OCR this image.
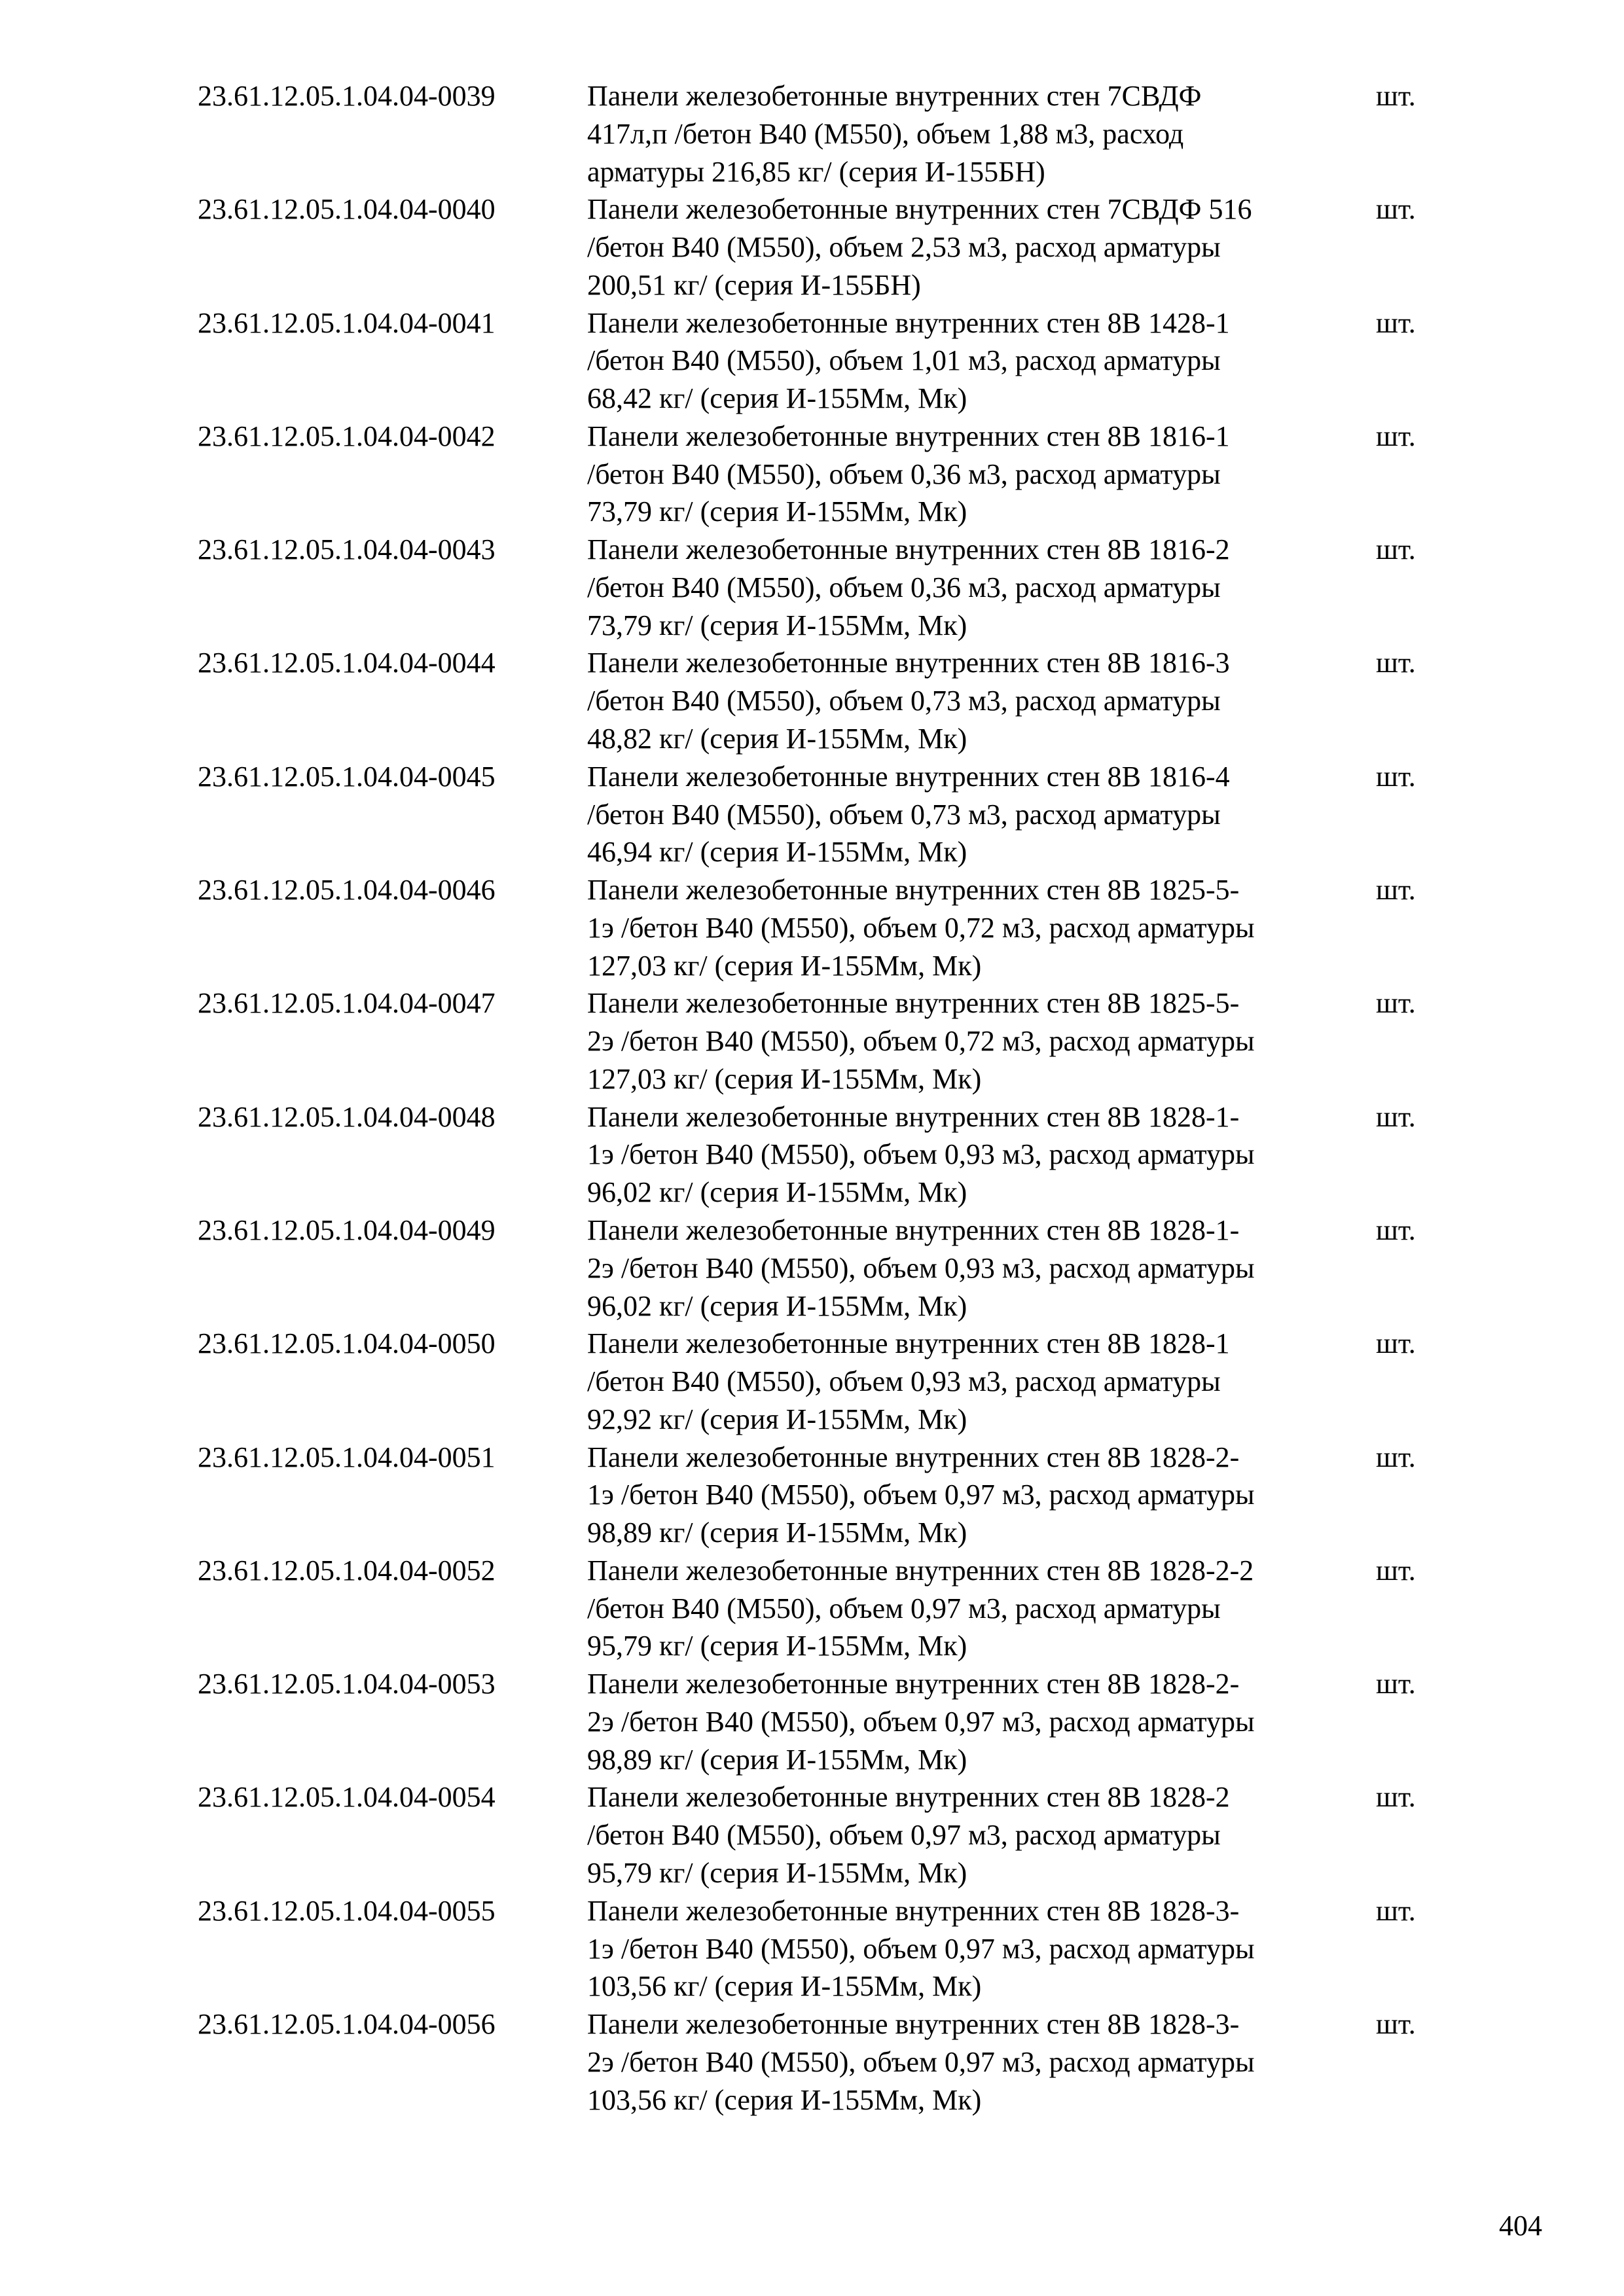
23.61.12.05.1.04.04-0039	Панели железобетонные внутренних стен 7СВДФ
417л,п /бетон В40 (М550), объем 1,88 м3, расход
арматуры 216,85 кг/ (серия И-155БН)
шт.
23.61.12.05.1.04.04-0040	Панели железобетонные внутренних стен 7СВДФ 516
/бетон В40 (М550), объем 2,53 м3, расход арматуры
200,51 кг/ (серия И-155БН)
шт.
23.61.12.05.1.04.04-0041	Панели железобетонные внутренних стен 8В 1428-1
/бетон В40 (М550), объем 1,01 м3, расход арматуры
68,42 кг/ (серия И-155Мм, Мк)
шт.
23.61.12.05.1.04.04-0042	Панели железобетонные внутренних стен 8В 1816-1
/бетон В40 (М550), объем 0,36 м3, расход арматуры
73,79 кг/ (серия И-155Мм, Мк)
шт.
23.61.12.05.1.04.04-0043	Панели железобетонные внутренних стен 8В 1816-2
/бетон В40 (М550), объем 0,36 м3, расход арматуры
73,79 кг/ (серия И-155Мм, Мк)
шт.
23.61.12.05.1.04.04-0044	Панели железобетонные внутренних стен 8В 1816-3
/бетон В40 (М550), объем 0,73 м3, расход арматуры
48,82 кг/ (серия И-155Мм, Мк)
шт.
23.61.12.05.1.04.04-0045	Панели железобетонные внутренних стен 8В 1816-4
/бетон В40 (М550), объем 0,73 м3, расход арматуры
46,94 кг/ (серия И-155Мм, Мк)
шт.
23.61.12.05.1.04.04-0046	Панели железобетонные внутренних стен 8В 1825-5-
1э /бетон В40 (М550), объем 0,72 м3, расход арматуры
127,03 кг/ (серия И-155Мм, Мк)
шт.
23.61.12.05.1.04.04-0047	Панели железобетонные внутренних стен 8В 1825-5-
2э /бетон В40 (М550), объем 0,72 м3, расход арматуры
127,03 кг/ (серия И-155Мм, Мк)
шт.
23.61.12.05.1.04.04-0048	Панели железобетонные внутренних стен 8В 1828-1-
1э /бетон В40 (М550), объем 0,93 м3, расход арматуры
96,02 кг/ (серия И-155Мм, Мк)
шт.
23.61.12.05.1.04.04-0049	Панели железобетонные внутренних стен 8В 1828-1-
2э /бетон В40 (М550), объем 0,93 м3, расход арматуры
96,02 кг/ (серия И-155Мм, Мк)
шт.
23.61.12.05.1.04.04-0050	Панели железобетонные внутренних стен 8В 1828-1
/бетон В40 (М550), объем 0,93 м3, расход арматуры
92,92 кг/ (серия И-155Мм, Мк)
шт.
23.61.12.05.1.04.04-0051	Панели железобетонные внутренних стен 8В 1828-2-
1э /бетон В40 (М550), объем 0,97 м3, расход арматуры
98,89 кг/ (серия И-155Мм, Мк)
шт.
23.61.12.05.1.04.04-0052	Панели железобетонные внутренних стен 8В 1828-2-2
/бетон В40 (М550), объем 0,97 м3, расход арматуры
95,79 кг/ (серия И-155Мм, Мк)
шт.
23.61.12.05.1.04.04-0053	Панели железобетонные внутренних стен 8В 1828-2-
2э /бетон В40 (М550), объем 0,97 м3, расход арматуры
98,89 кг/ (серия И-155Мм, Мк)
шт.
23.61.12.05.1.04.04-0054	Панели железобетонные внутренних стен 8В 1828-2
/бетон В40 (М550), объем 0,97 м3, расход арматуры
95,79 кг/ (серия И-155Мм, Мк)
шт.
23.61.12.05.1.04.04-0055	Панели железобетонные внутренних стен 8В 1828-3-
1э /бетон В40 (М550), объем 0,97 м3, расход арматуры
103,56 кг/ (серия И-155Мм, Мк)
шт.
23.61.12.05.1.04.04-0056	Панели железобетонные внутренних стен 8В 1828-3-
2э /бетон В40 (М550), объем 0,97 м3, расход арматуры
103,56 кг/ (серия И-155Мм, Мк)
шт.
404
